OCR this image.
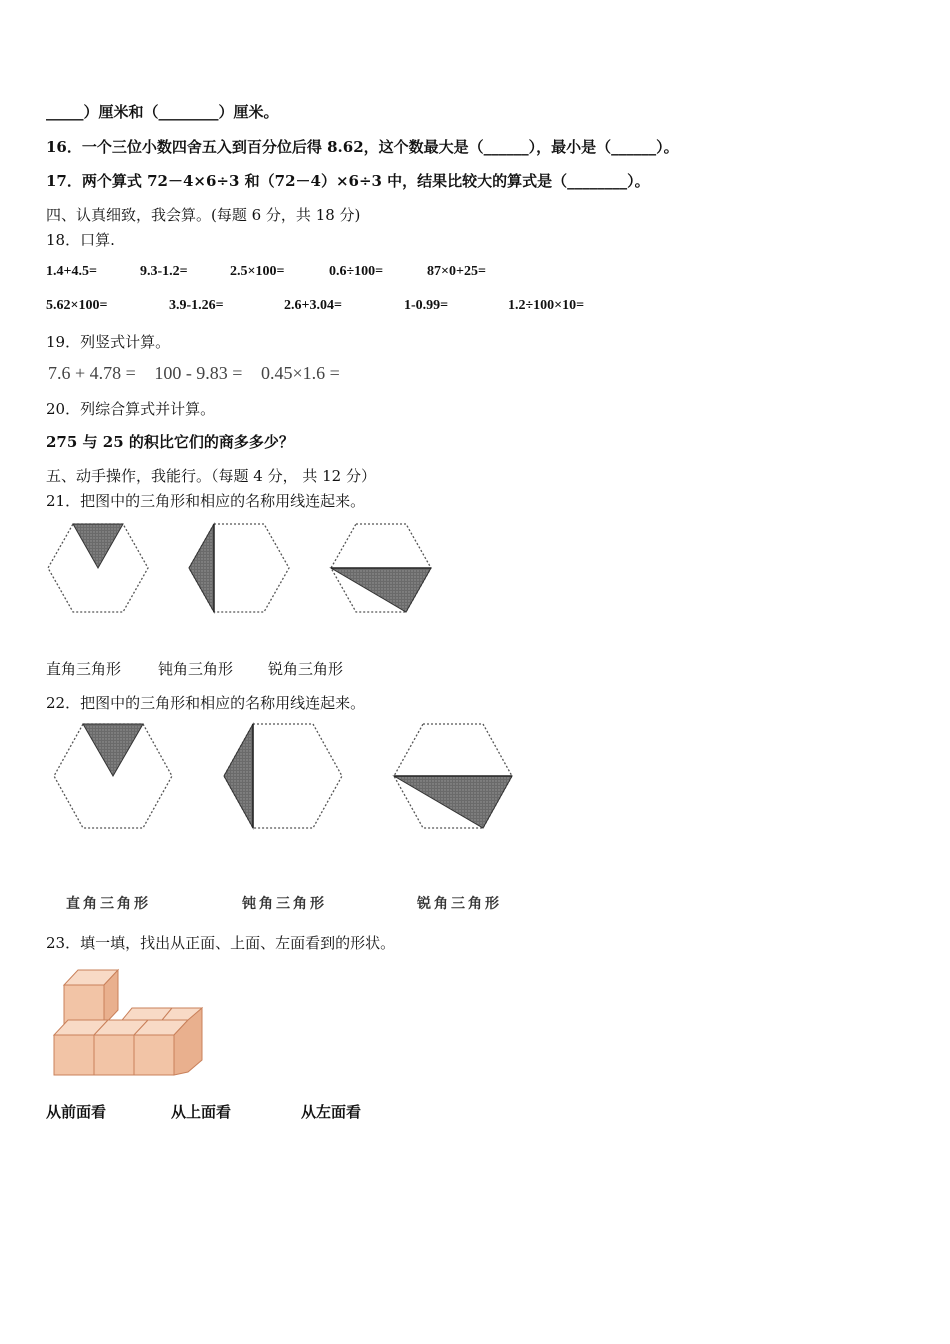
_____）厘米和（________）厘米。
16．一个三位小数四舍五入到百分位后得 8.62，这个数最大是（______），最小是（______）。
17．两个算式 72－4×6÷3 和（72－4）×6÷3 中，结果比较大的算式是（________）。
四、认真细致，我会算。(每题 6 分，共 18 分)
18．口算.
1.4+4.5=	9.3-1.2=	2.5×100=	0.6÷100=	87×0+25=
5.62×100=	3.9-1.26=	2.6+3.04=	1-0.99=	1.2÷100×10=
19．列竖式计算。
7.6 + 4.78 = 100 - 9.83 = 0.45×1.6 =
20．列综合算式并计算。
275 与 25 的积比它们的商多多少？
五、动手操作，我能行。（每题 4 分， 共 12 分）
21．把图中的三角形和相应的名称用线连起来。
直角三角形 钝角三角形 锐角三角形
22．把图中的三角形和相应的名称用线连起来。
直角三角形	钝角三角形	锐角三角形
23．填一填，找出从正面、上面、左面看到的形状。
从前面看	从上面看	从左面看
